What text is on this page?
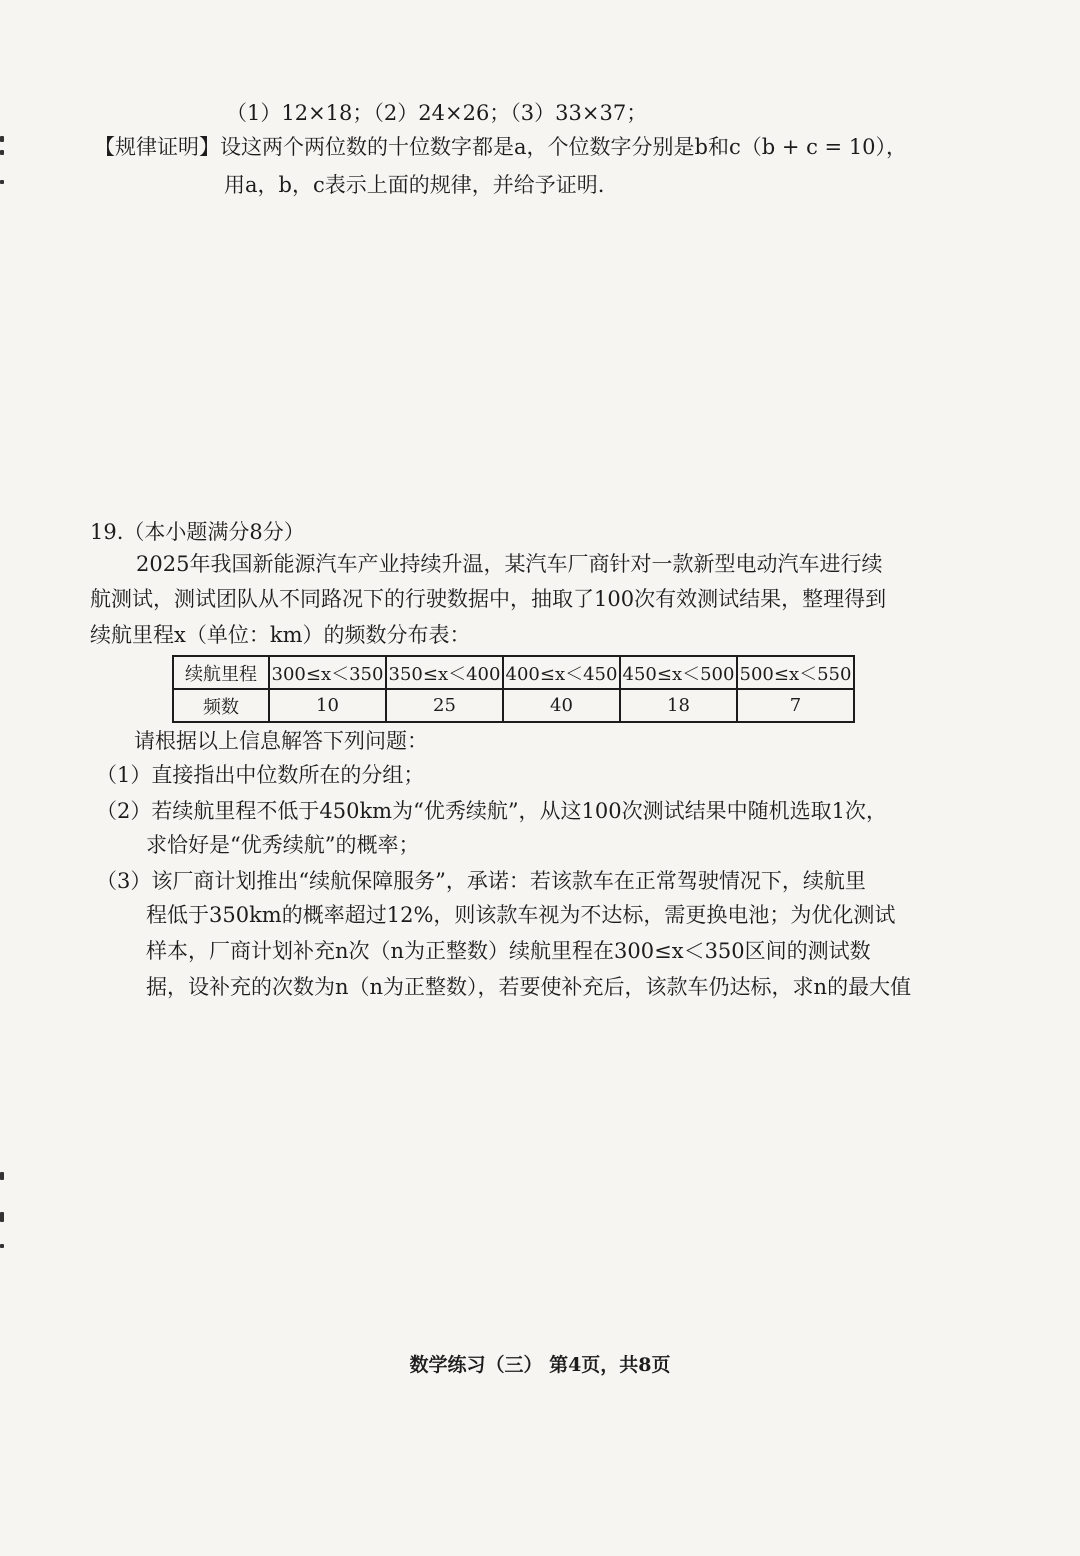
（1）12×18；（2）24×26；（3）33×37；
【规律证明】设这两个两位数的十位数字都是a，个位数字分别是b和c（b + c = 10），
用a，b，c表示上面的规律，并给予证明.
19.（本小题满分8分）
2025年我国新能源汽车产业持续升温，某汽车厂商针对一款新型电动汽车进行续
航测试，测试团队从不同路况下的行驶数据中，抽取了100次有效测试结果，整理得到
续航里程x（单位：km）的频数分布表：
续航里程	300≤x＜350	350≤x＜400	400≤x＜450	450≤x＜500	500≤x＜550
频数	10	25	40	18	7
请根据以上信息解答下列问题：
（1）直接指出中位数所在的分组；
（2）若续航里程不低于450km为“优秀续航”，从这100次测试结果中随机选取1次，
求恰好是“优秀续航”的概率；
（3）该厂商计划推出“续航保障服务”，承诺：若该款车在正常驾驶情况下，续航里
程低于350km的概率超过12%，则该款车视为不达标，需更换电池；为优化测试
样本，厂商计划补充n次（n为正整数）续航里程在300≤x＜350区间的测试数
据，设补充的次数为n（n为正整数），若要使补充后，该款车仍达标，求n的最大值
数学练习（三） 第4页，共8页
